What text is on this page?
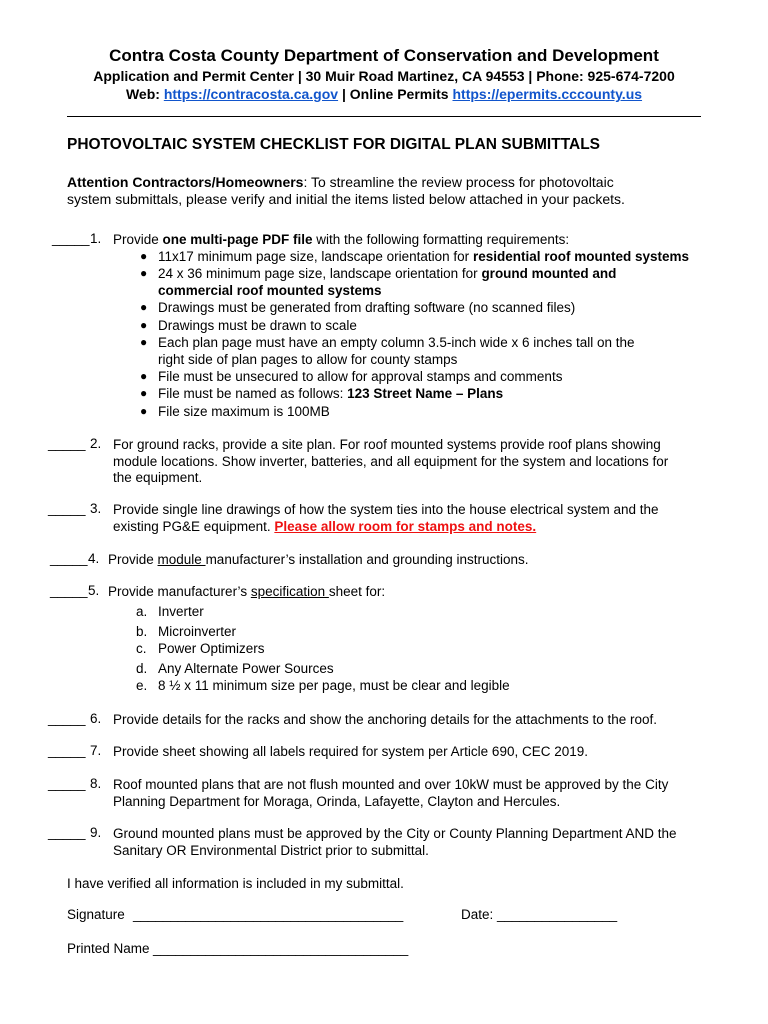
Contra Costa County Department of Conservation and Development
Application and Permit Center | 30 Muir Road Martinez, CA 94553 | Phone: 925-674-7200
Web: https://contracosta.ca.gov | Online Permits https://epermits.cccounty.us
PHOTOVOLTAIC SYSTEM CHECKLIST FOR DIGITAL PLAN SUBMITTALS
Attention Contractors/Homeowners: To streamline the review process for photovoltaic
system submittals, please verify and initial the items listed below attached in your packets.
_____ 1. Provide one multi-page PDF file with the following formatting requirements:
● 11x17 minimum page size, landscape orientation for residential roof mounted systems
● 24 x 36 minimum page size, landscape orientation for ground mounted and
commercial roof mounted systems
● Drawings must be generated from drafting software (no scanned files)
● Drawings must be drawn to scale
● Each plan page must have an empty column 3.5-inch wide x 6 inches tall on the
right side of plan pages to allow for county stamps
● File must be unsecured to allow for approval stamps and comments
● File must be named as follows: 123 Street Name – Plans
● File size maximum is 100MB
_____ 2. For ground racks, provide a site plan. For roof mounted systems provide roof plans showing
module locations. Show inverter, batteries, and all equipment for the system and locations for
the equipment.
_____ 3. Provide single line drawings of how the system ties into the house electrical system and the
existing PG&E equipment. Please allow room for stamps and notes.
_____ 4. Provide module manufacturer’s installation and grounding instructions.
_____ 5. Provide manufacturer’s specification sheet for:
a. Inverter
b. Microinverter
c. Power Optimizers
d. Any Alternate Power Sources
e. 8 ½ x 11 minimum size per page, must be clear and legible
_____ 6. Provide details for the racks and show the anchoring details for the attachments to the roof.
_____ 7. Provide sheet showing all labels required for system per Article 690, CEC 2019.
_____ 8. Roof mounted plans that are not flush mounted and over 10kW must be approved by the City
Planning Department for Moraga, Orinda, Lafayette, Clayton and Hercules.
_____ 9. Ground mounted plans must be approved by the City or County Planning Department AND the
Sanitary OR Environmental District prior to submittal.
I have verified all information is included in my submittal.
Signature ____________________________________	Date: ________________
Printed Name __________________________________
